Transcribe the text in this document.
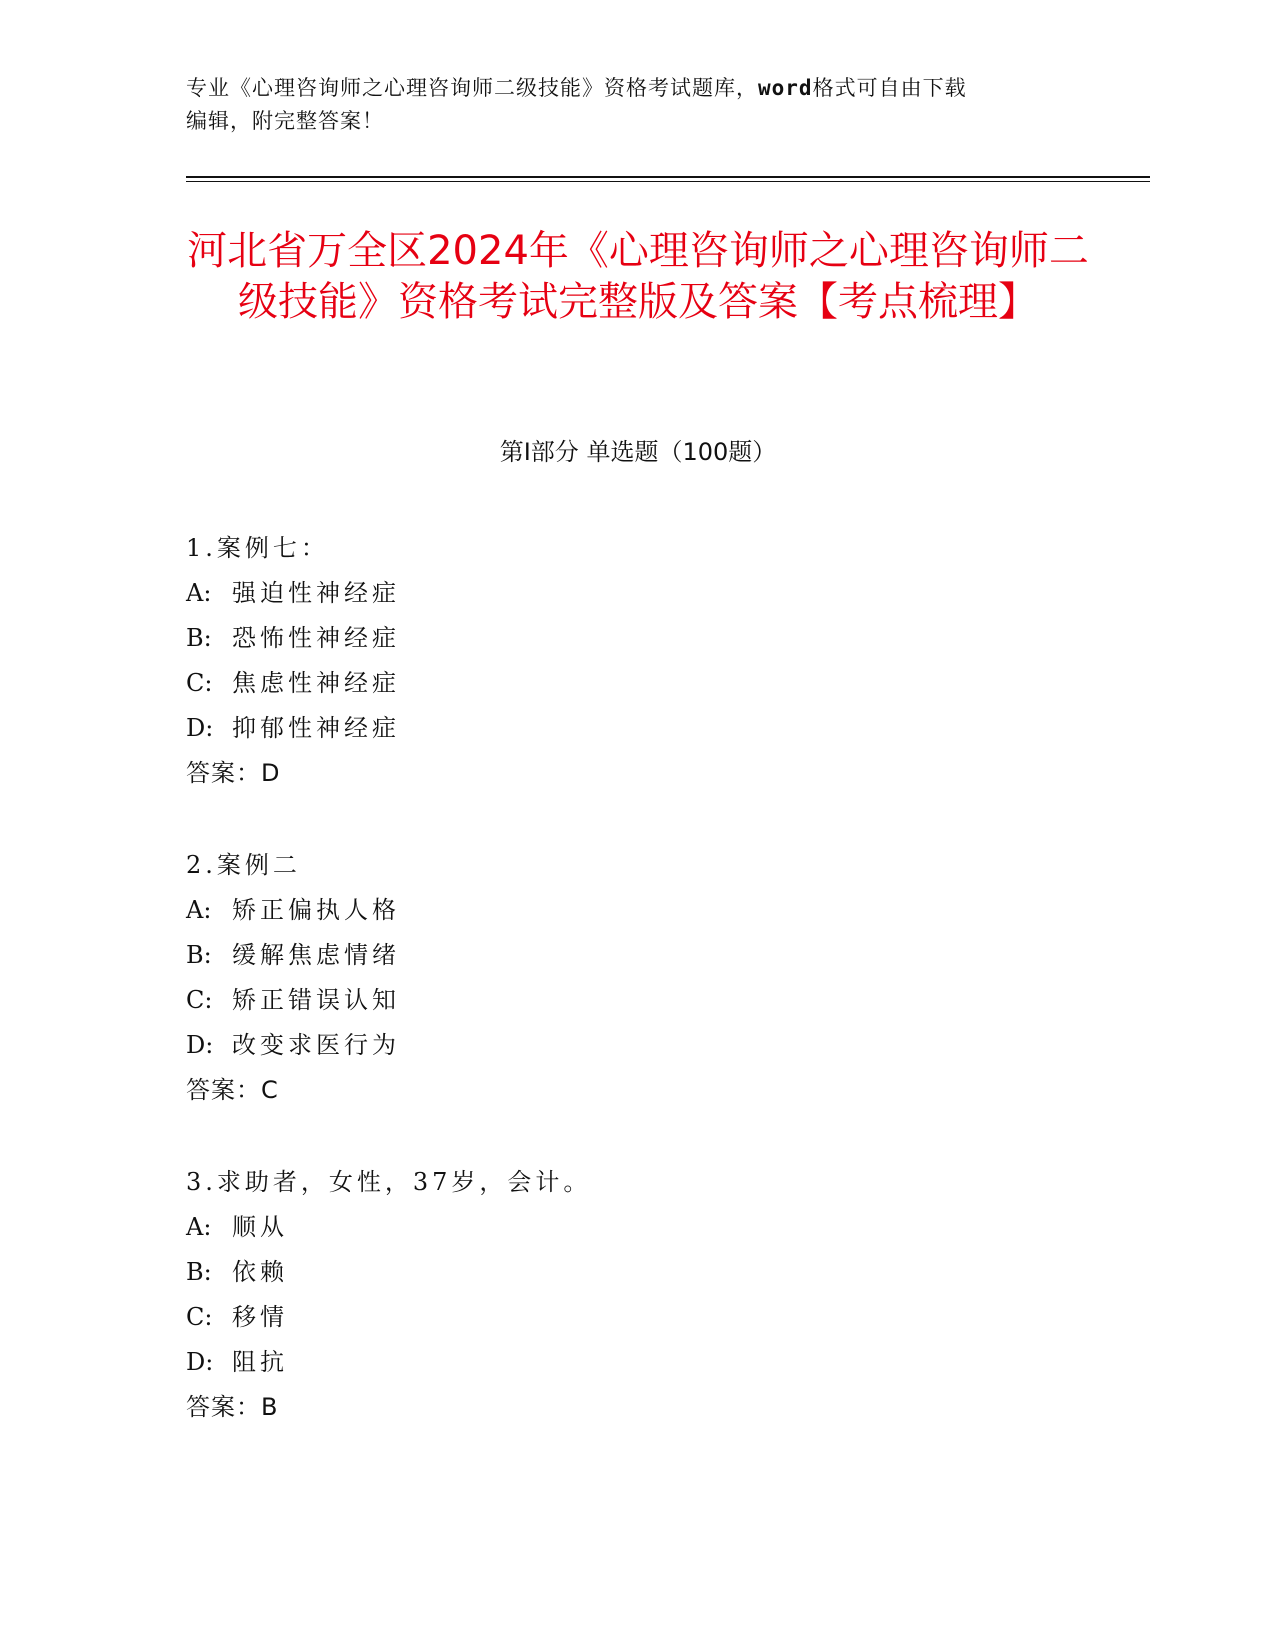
专业《心理咨询师之心理咨询师二级技能》资格考试题库，word格式可自由下载
编辑，附完整答案！
河北省万全区2024年《心理咨询师之心理咨询师二级技能》资格考试完整版及答案【考点梳理】
第Ⅰ部分 单选题（100题）
1.案例七：
A: 强迫性神经症
B: 恐怖性神经症
C: 焦虑性神经症
D: 抑郁性神经症
答案：D
2.案例二
A: 矫正偏执人格
B: 缓解焦虑情绪
C: 矫正错误认知
D: 改变求医行为
答案：C
3.求助者，女性，37岁，会计。
A: 顺从
B: 依赖
C: 移情
D: 阻抗
答案：B
